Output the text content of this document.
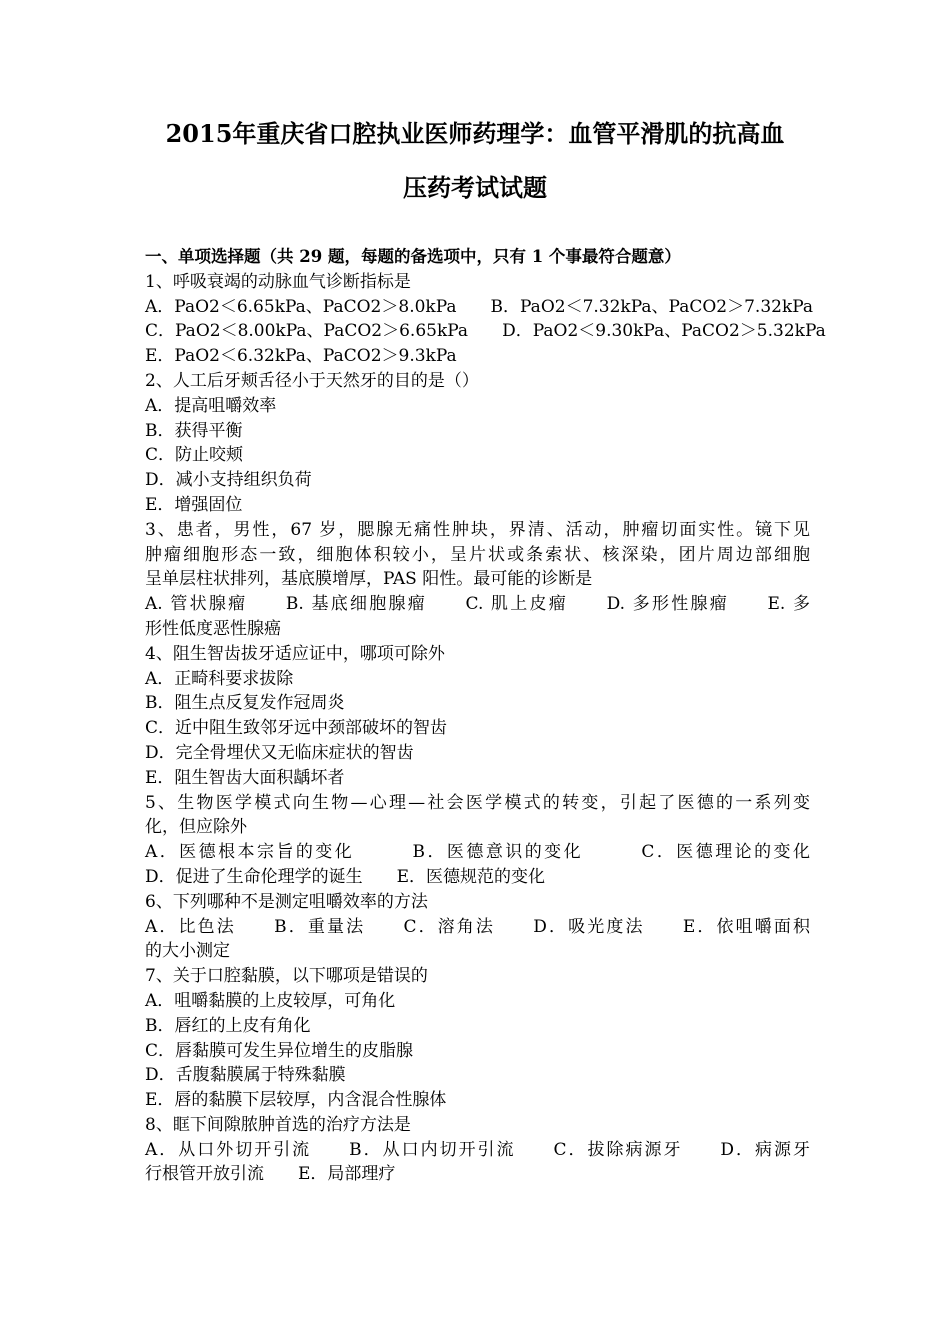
2015年重庆省口腔执业医师药理学：血管平滑肌的抗高血
压药考试试题
一、单项选择题（共 29 题，每题的备选项中，只有 1 个事最符合题意）
1、呼吸衰竭的动脉血气诊断指标是
A．PaO2＜6.65kPa、PaCO2＞8.0kPa　　B．PaO2＜7.32kPa、PaCO2＞7.32kPa
C．PaO2＜8.00kPa、PaCO2＞6.65kPa　　D．PaO2＜9.30kPa、PaCO2＞5.32kPa
E．PaO2＜6.32kPa、PaCO2＞9.3kPa
2、人工后牙颊舌径小于天然牙的目的是（）
A．提高咀嚼效率
B．获得平衡
C．防止咬颊
D．减小支持组织负荷
E．增强固位
3、患者，男性，67 岁，腮腺无痛性肿块，界清、活动，肿瘤切面实性。镜下见
肿瘤细胞形态一致，细胞体积较小，呈片状或条索状、核深染，团片周边部细胞
呈单层柱状排列，基底膜增厚，PAS 阳性。最可能的诊断是
A. 管状腺瘤　　B. 基底细胞腺瘤　　C. 肌上皮瘤　　D. 多形性腺瘤　　E. 多
形性低度恶性腺癌
4、阻生智齿拔牙适应证中，哪项可除外
A．正畸科要求拔除
B．阻生点反复发作冠周炎
C．近中阻生致邻牙远中颈部破坏的智齿
D．完全骨埋伏又无临床症状的智齿
E．阻生智齿大面积龋坏者
5、生物医学模式向生物—心理—社会医学模式的转变，引起了医德的一系列变
化，但应除外
A．医德根本宗旨的变化　　　B．医德意识的变化　　　C．医德理论的变化
D．促进了生命伦理学的诞生　　E．医德规范的变化
6、下列哪种不是测定咀嚼效率的方法
A．比色法　　B．重量法　　C．溶角法　　D．吸光度法　　E．依咀嚼面积
的大小测定
7、关于口腔黏膜，以下哪项是错误的
A．咀嚼黏膜的上皮较厚，可角化
B．唇红的上皮有角化
C．唇黏膜可发生异位增生的皮脂腺
D．舌腹黏膜属于特殊黏膜
E．唇的黏膜下层较厚，内含混合性腺体
8、眶下间隙脓肿首选的治疗方法是
A．从口外切开引流　　B．从口内切开引流　　C．拔除病源牙　　D．病源牙
行根管开放引流　　E．局部理疗
